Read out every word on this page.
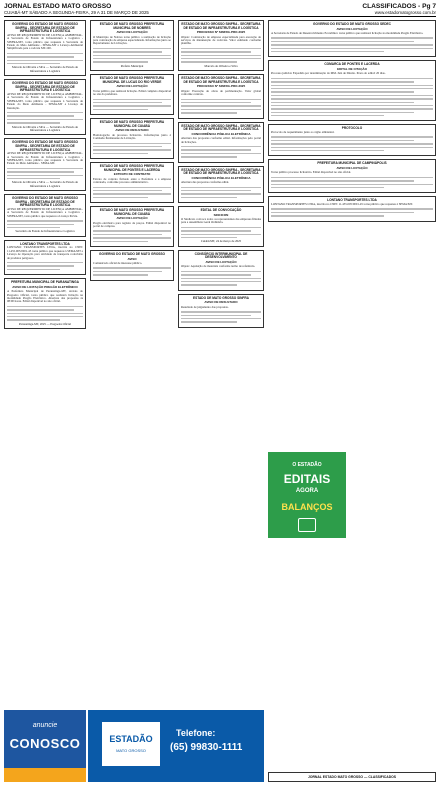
JORNAL ESTADO MATO GROSSO
CUIABÁ-MT SÁBADO A SEGUNDA-FEIRA, 29 A 31 DE MARÇO DE 2025
CLASSIFICADOS - Pg 7
www.estadomatogrosso.com.br
GOVERNO DO ESTADO DE MATO GROSSO SINFRA - SECRETARIA DE ESTADO DE INFRAESTRUTURA E LOGÍSTICA
AVISO DE REQUERIMENTO DE LICENÇA AMBIENTAL. A Secretaria de Estado de Infraestrutura e Logística - SINFRA/MT, torna público que requereu à Secretaria de Estado do Meio Ambiente - SEMA-MT a Licença Ambiental Simplificada para a rodovia MT-100.
Marcelo de Oliveira e Silva — Secretário de Estado de Infraestrutura e Logística
GOVERNO DO ESTADO DE MATO GROSSO SINFRA - SECRETARIA DE ESTADO DE INFRAESTRUTURA E LOGÍSTICA
AVISO DE REQUERIMENTO DE LICENÇA AMBIENTAL. A Secretaria de Estado de Infraestrutura e Logística - SINFRA/MT, torna público que requereu à Secretaria de Estado do Meio Ambiente - SEMA-MT a Licença de Instalação.
Marcelo de Oliveira e Silva — Secretário de Estado de Infraestrutura e Logística
GOVERNO DO ESTADO DE MATO GROSSO SINFRA - SECRETARIA DE ESTADO DE INFRAESTRUTURA E LOGÍSTICA
AVISO DE REQUERIMENTO DE LICENÇA AMBIENTAL. A Secretaria de Estado de Infraestrutura e Logística - SINFRA/MT, torna público que requereu à Secretaria de Estado do Meio Ambiente - SEMA-MT.
Marcelo de Oliveira e Silva — Secretário de Estado de Infraestrutura e Logística
GOVERNO DO ESTADO DE MATO GROSSO SINFRA - SECRETARIA DE ESTADO DE INFRAESTRUTURA E LOGÍSTICA
AVISO DE REQUERIMENTO DE LICENÇA AMBIENTAL. A Secretaria de Estado de Infraestrutura e Logística - SINFRA/MT, torna público que requereu a Licença Prévia.
Secretário de Estado de Infraestrutura e Logística
LONTANO TRANSPORTES LTDA
LONTANO TRANSPORTES LTDA, inscrita no CNPJ: 11.455.005/0001-45 torna público que requereu à SEMA/MT a Licença de Operação para atividade de transporte rodoviário de produtos perigosos.
PREFEITURA MUNICIPAL DE PARANATINGA
AVISO DE LICITAÇÃO PREGÃO ELETRÔNICO
A Prefeitura Municipal de Paranatinga-MT, através do Pregoeiro Oficial, torna público que realizará licitação na modalidade Pregão Eletrônico. Abertura das propostas às 08:00 horas. Edital disponível no site oficial.
Paranatinga-MT, 2025 — Pregoeira Oficial
ESTADO DE MATO GROSSO PREFEITURA MUNICIPAL DE NOBRES
AVISO DE LICITAÇÃO
O Município de Nobres torna público a realização de licitação para contratação de empresa especializada. Informações junto ao Departamento de Licitações.
Prefeito Municipal
ESTADO DE MATO GROSSO PREFEITURA MUNICIPAL DE LUCAS DO RIO VERDE
AVISO DE LICITAÇÃO
Torna público que realizará licitação. Edital completo disponível no site da prefeitura.
ESTADO DE MATO GROSSO PREFEITURA MUNICIPAL DE CUIABÁ
AVISO DE RESULTADO
Homologação de processo licitatório. Informações junto à Comissão Permanente de Licitação.
ESTADO DE MATO GROSSO PREFEITURA MUNICIPAL DE PONTES E LACERDA
EXTRATO DE CONTRATO
Extrato de contrato firmado entre a Prefeitura e a empresa contratada, conforme processo administrativo.
ESTADO DE MATO GROSSO PREFEITURA MUNICIPAL DE CUIABÁ
AVISO DE LICITAÇÃO
Pregão eletrônico para registro de preços. Edital disponível no portal de compras.
GOVERNO DO ESTADO DE MATO GROSSO
AVISO
Comunicado oficial de interesse público.
ESTADO DE MATO GROSSO SINFRA - SECRETARIA DE ESTADO DE INFRAESTRUTURA E LOGÍSTICA
PROCESSO Nº SINFRA-PRO-2025
Objeto: Contratação de empresa especializada para execução de serviços de manutenção de rodovias. Valor estimado conforme planilha.
Marcelo de Oliveira e Silva
ESTADO DE MATO GROSSO SINFRA - SECRETARIA DE ESTADO DE INFRAESTRUTURA E LOGÍSTICA
PROCESSO Nº SINFRA-PRO-2025
Objeto: Execução de obras de pavimentação. Valor global conforme contrato.
ESTADO DE MATO GROSSO SINFRA - SECRETARIA DE ESTADO DE INFRAESTRUTURA E LOGÍSTICA
CONCORRÊNCIA PÚBLICA ELETRÔNICA
Abertura das propostas conforme edital. Informações pelo portal de licitações.
ESTADO DE MATO GROSSO SINFRA - SECRETARIA DE ESTADO DE INFRAESTRUTURA E LOGÍSTICA
CONCORRÊNCIA PÚBLICA ELETRÔNICA
Abertura das propostas conforme edital.
EDITAL DE CONVOCAÇÃO
SINCICON
O Sindicato convoca todos os representantes das empresas filiadas para a Assembleia Geral Ordinária.
Cuiabá/MT, 24 de março de 2025
CONSÓRCIO INTERMUNICIPAL DE DESENVOLVIMENTO
AVISO DE LICITAÇÃO
Objeto: Aquisição de materiais conforme termo de referência.
ESTADO DE MATO GROSSO SINFRA
AVISO DE RESULTADO
Resultado de julgamento das propostas.
GOVERNO DO ESTADO DE MATO GROSSO SEDEC
AVISO DE LICITAÇÃO
A Secretaria de Estado de Desenvolvimento Econômico torna público que realizará licitação na modalidade Pregão Eletrônico.
COMARCA DE PONTES E LACERDA
EDITAL DE CITAÇÃO
Processo judicial. Expedido por determinação do MM. Juiz de Direito. Prazo do edital: 20 dias.
PROTOCOLO
Protocolo de requerimento junto ao órgão ambiental.
PREFEITURA MUNICIPAL DE CAMPINÁPOLIS
AVISO DE LICITAÇÃO
Torna público processo licitatório. Edital disponível no site oficial.
LONTANO TRANSPORTES LTDA
LONTANO TRANSPORTES LTDA, inscrita no CNPJ: 11.455.005/0001-45 torna público que requereu à SEMA/MT.
anuncie
CONOSCO	ESTADÃO
MATO GROSSO
Telefone:
(65) 99830-1111
O ESTADÃO
EDITAIS
AGORA
BALANÇOS
JORNAL ESTADO MATO GROSSO — CLASSIFICADOS
